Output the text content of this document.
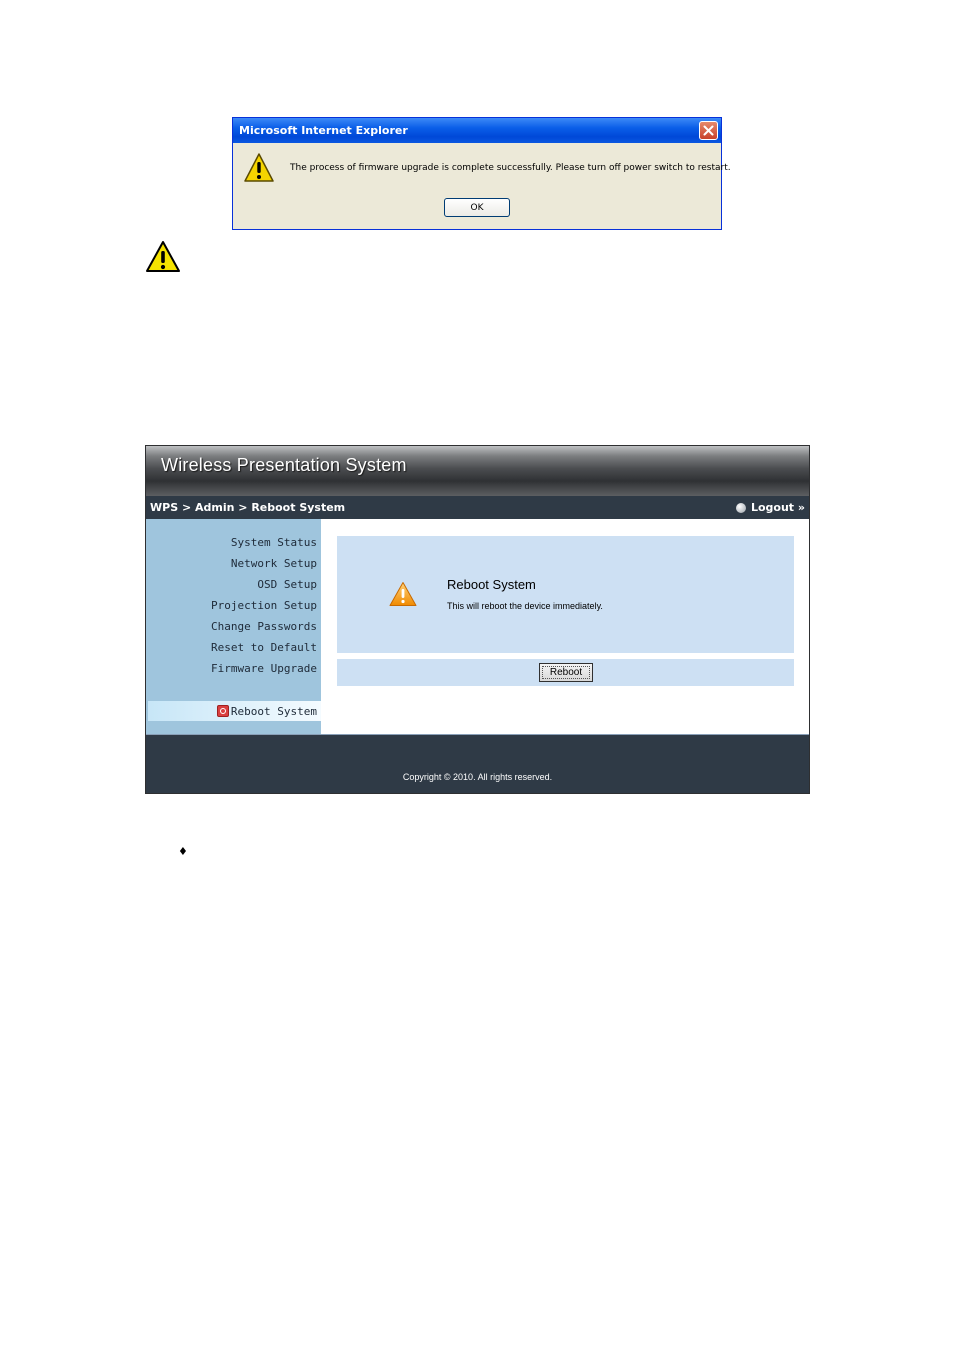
Microsoft Internet Explorer
The process of firmware upgrade is complete successfully. Please turn off power switch to restart.
OK
Wireless Presentation System
WPS > Admin > Reboot System	Logout »
System Status
Network Setup
OSD Setup
Projection Setup
Change Passwords
Reset to Default
Firmware Upgrade
Reboot System
Reboot System
This will reboot the device immediately.
Reboot
Copyright © 2010. All rights reserved.
♦
